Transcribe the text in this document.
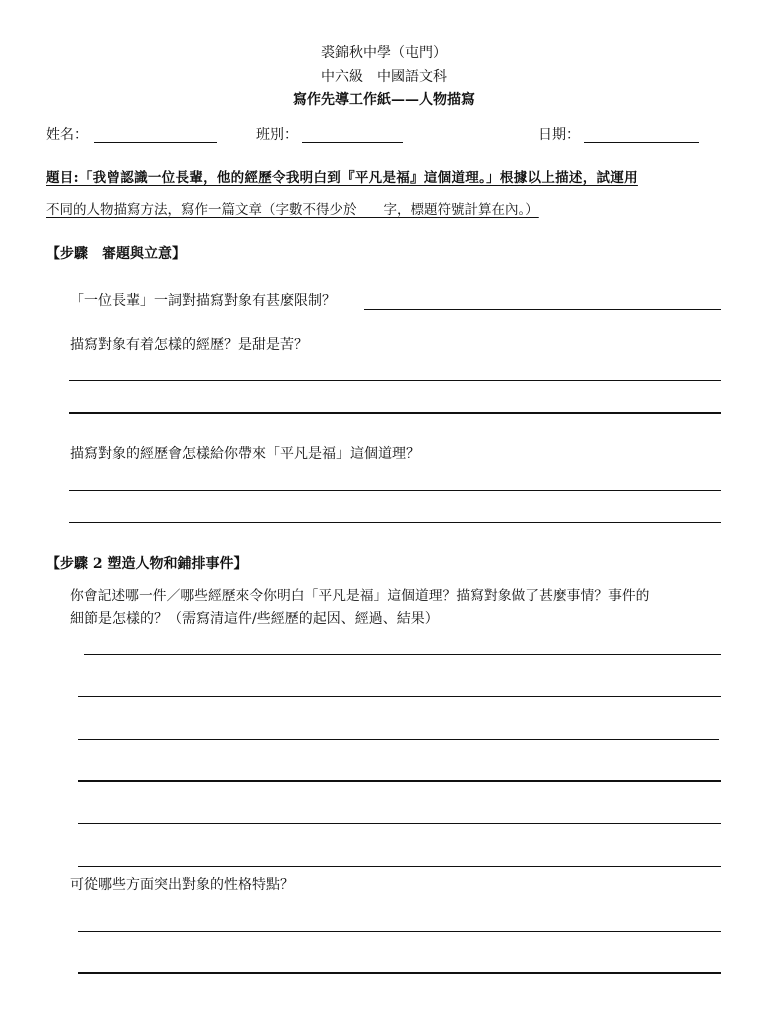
裘錦秋中學（屯門）
中六級　中國語文科
寫作先導工作紙——人物描寫
姓名：	班別：	日期：
題目:「我曾認識一位長輩，他的經歷令我明白到『平凡是福』這個道理。」根據以上描述，試運用
不同的人物描寫方法，寫作一篇文章（字數不得少於　　字，標題符號計算在內。）
【步驟　審題與立意】
「一位長輩」一詞對描寫對象有甚麼限制？
描寫對象有着怎樣的經歷？是甜是苦？
描寫對象的經歷會怎樣給你帶來「平凡是福」這個道理？
【步驟 2 塑造人物和鋪排事件】
你會記述哪一件／哪些經歷來令你明白「平凡是福」這個道理？描寫對象做了甚麼事情？事件的
細節是怎樣的？（需寫清這件/些經歷的起因、經過、結果）
可從哪些方面突出對象的性格特點？
